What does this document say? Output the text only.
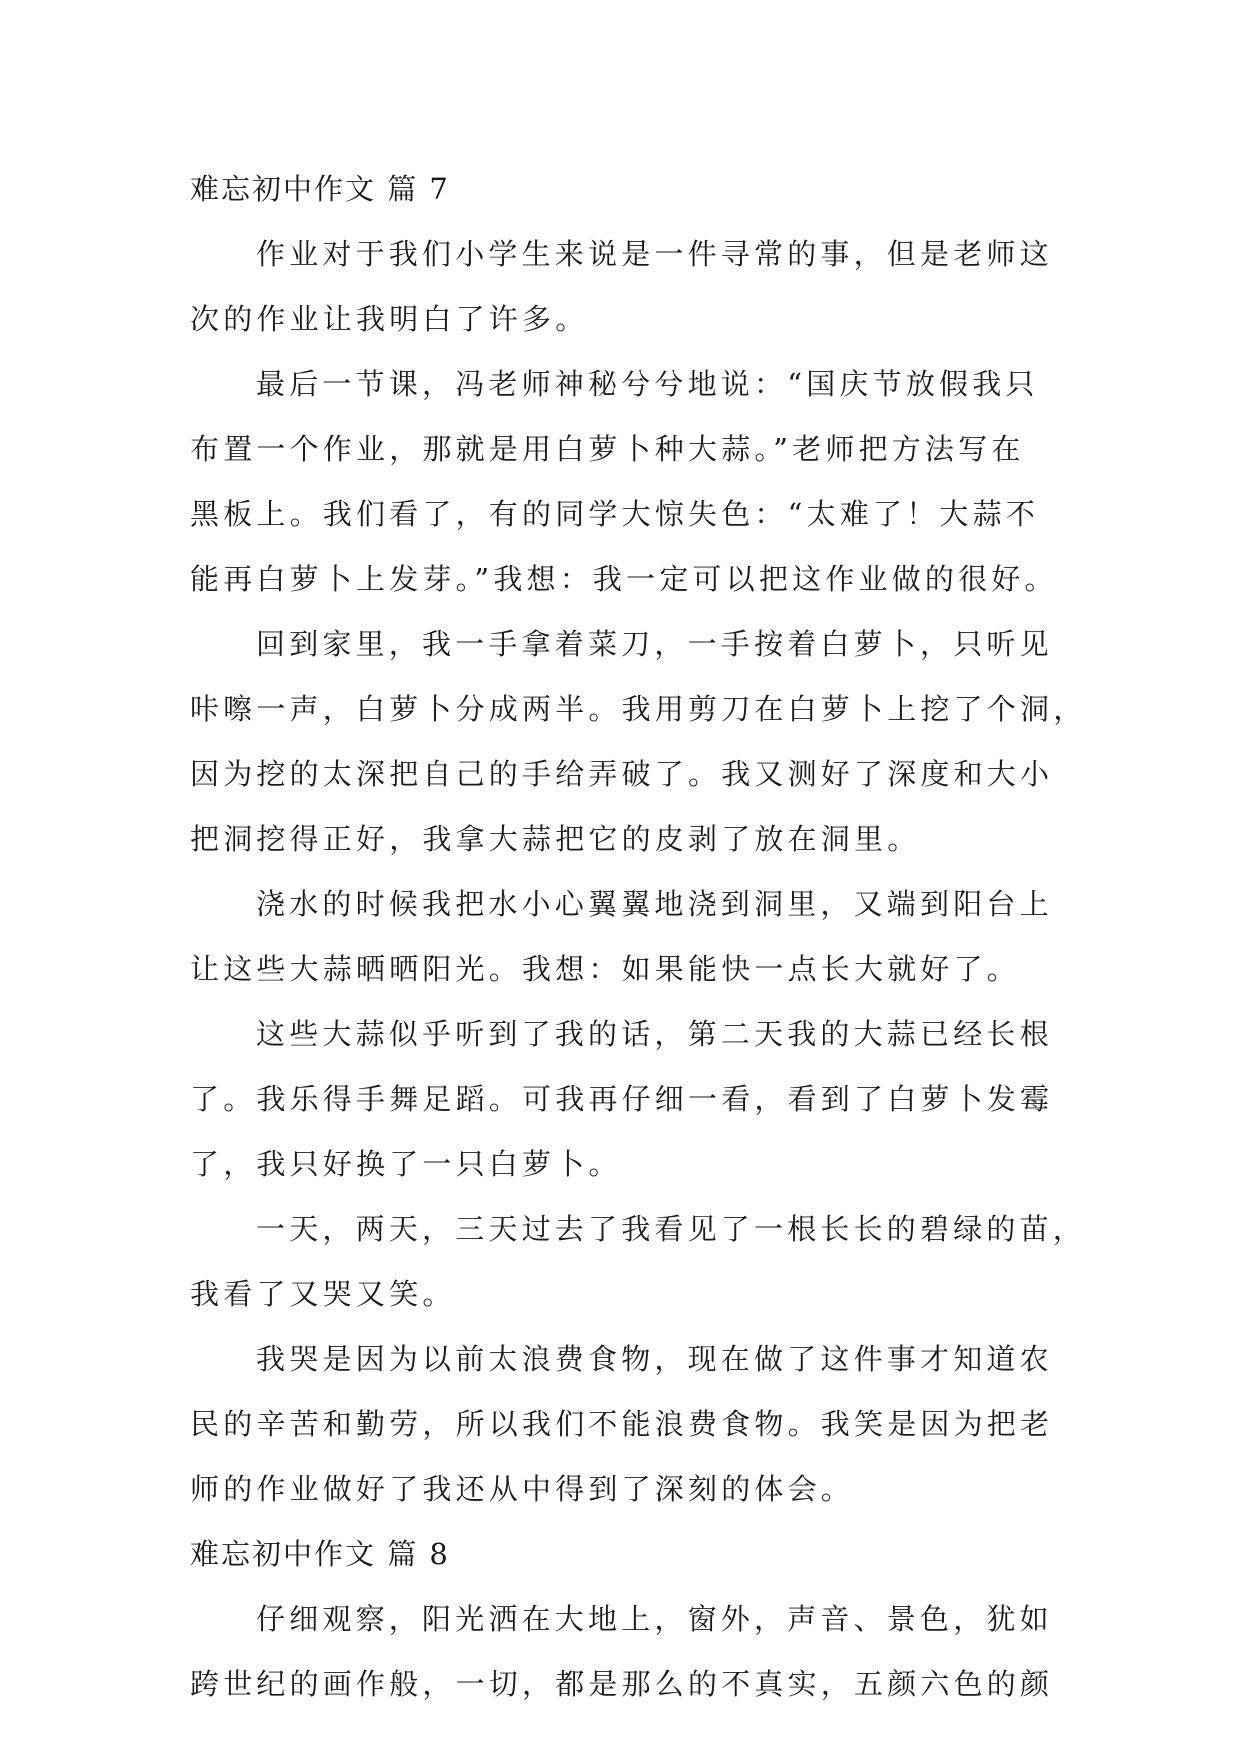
难忘初中作文 篇 7
作业对于我们小学生来说是一件寻常的事，但是老师这
次的作业让我明白了许多。
最后一节课，冯老师神秘兮兮地说：“国庆节放假我只
布置一个作业，那就是用白萝卜种大蒜。”老师把方法写在
黑板上。我们看了，有的同学大惊失色：“太难了！大蒜不
能再白萝卜上发芽。”我想：我一定可以把这作业做的很好。
回到家里，我一手拿着菜刀，一手按着白萝卜，只听见
咔嚓一声，白萝卜分成两半。我用剪刀在白萝卜上挖了个洞，
因为挖的太深把自己的手给弄破了。我又测好了深度和大小
把洞挖得正好，我拿大蒜把它的皮剥了放在洞里。
浇水的时候我把水小心翼翼地浇到洞里，又端到阳台上
让这些大蒜晒晒阳光。我想：如果能快一点长大就好了。
这些大蒜似乎听到了我的话，第二天我的大蒜已经长根
了。我乐得手舞足蹈。可我再仔细一看，看到了白萝卜发霉
了，我只好换了一只白萝卜。
一天，两天，三天过去了我看见了一根长长的碧绿的苗，
我看了又哭又笑。
我哭是因为以前太浪费食物，现在做了这件事才知道农
民的辛苦和勤劳，所以我们不能浪费食物。我笑是因为把老
师的作业做好了我还从中得到了深刻的体会。
难忘初中作文 篇 8
仔细观察，阳光洒在大地上，窗外，声音、景色，犹如
跨世纪的画作般，一切，都是那么的不真实，五颜六色的颜
